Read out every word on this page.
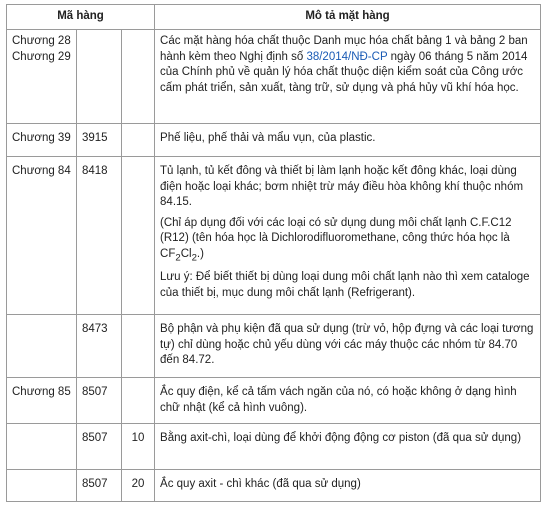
Mã hàng			Mô tả mặt hàng

Chương 28
Chương 29			Các mặt hàng hóa chất thuộc Danh mục hóa chất bảng 1 và bảng 2 ban hành kèm theo Nghị định số 38/2014/NĐ-CP ngày 06 tháng 5 năm 2014 của Chính phủ về quản lý hóa chất thuộc diện kiểm soát của Công ước cấm phát triển, sản xuất, tàng trữ, sử dụng và phá hủy vũ khí hóa học.
Chương 39	3915		Phế liệu, phế thải và mẩu vụn, của plastic.
Chương 84	8418		Tủ lạnh, tủ kết đông và thiết bị làm lạnh hoặc kết đông khác, loại dùng điện hoặc loại khác; bơm nhiệt trừ máy điều hòa không khí thuộc nhóm 84.15.

(Chỉ áp dụng đối với các loại có sử dụng dung môi chất lạnh C.F.C12 (R12) (tên hóa học là Dichlorodifluoromethane, công thức hóa học là $CF_2Cl_2$.)

Lưu ý: Để biết thiết bị dùng loại dung môi chất lạnh nào thì xem cataloge của thiết bị, mục dung môi chất lạnh (Refrigerant).

	8473		Bộ phận và phụ kiện đã qua sử dụng (trừ vỏ, hộp đựng và các loại tương tự) chỉ dùng hoặc chủ yếu dùng với các máy thuộc các nhóm từ 84.70 đến 84.72.
Chương 85	8507		Ắc quy điện, kể cả tấm vách ngăn của nó, có hoặc không ở dạng hình chữ nhật (kể cả hình vuông).
	8507	10	Bằng axit-chì, loại dùng để khởi động động cơ piston (đã qua sử dụng)
	8507	20	Ắc quy axit - chì khác (đã qua sử dụng)
